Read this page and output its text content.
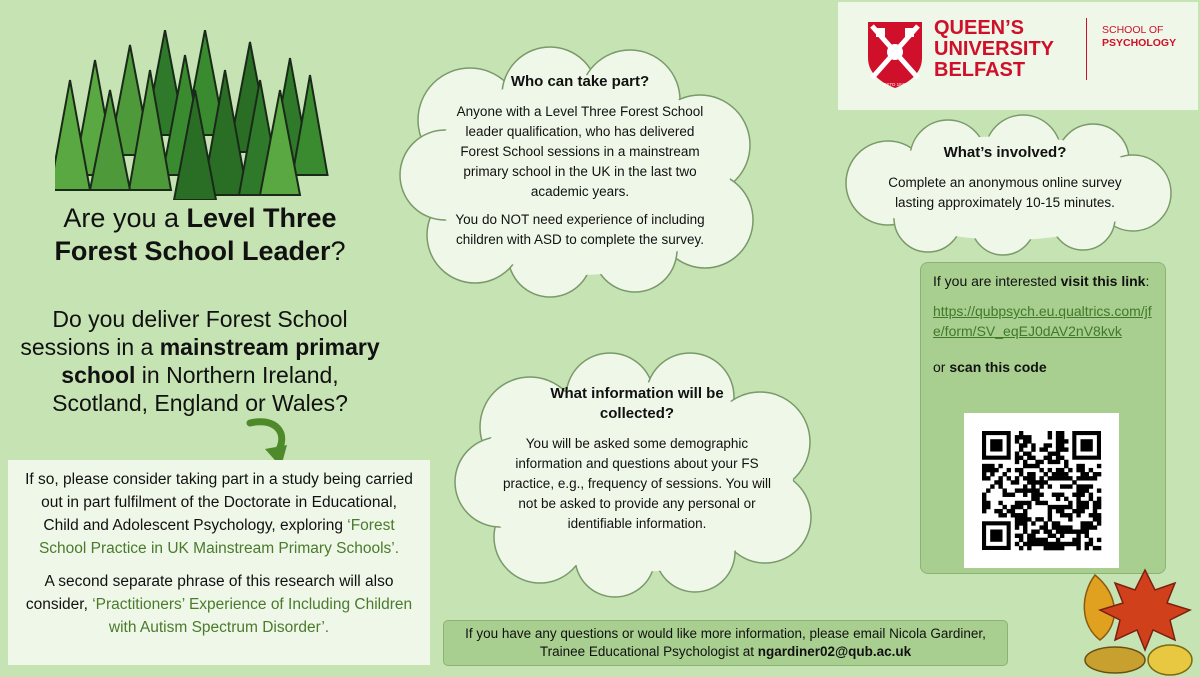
Are you a Level Three
Forest School Leader?
Do you deliver Forest School sessions in a mainstream primary school in Northern Ireland, Scotland, England or Wales?

If so, please consider taking part in a study being carried out in part fulfilment of the Doctorate in Educational, Child and Adolescent Psychology, exploring ‘Forest School Practice in UK Mainstream Primary Schools’.

A second separate phrase of this research will also consider, ‘Practitioners’ Experience of Including Children with Autism Spectrum Disorder’.

Who can take part?

Anyone with a Level Three Forest School leader qualification, who has delivered Forest School sessions in a mainstream primary school in the UK in the last two academic years.

You do NOT need experience of including children with ASD to complete the survey.

What’s involved?

Complete an anonymous online survey lasting approximately 10-15 minutes.

What information will be collected?

You will be asked some demographic information and questions about your FS practice, e.g., frequency of sessions. You will not be asked to provide any personal or identifiable information.

ESTD 1845
QUEEN’S
UNIVERSITY
BELFAST
SCHOOL OF
PSYCHOLOGY
If you are interested visit this link:
https://qubpsych.eu.qualtrics.com/jfe/form/SV_eqEJ0dAV2nV8kvk
or scan this code
If you have any questions or would like more information, please email Nicola Gardiner, Trainee Educational Psychologist at ngardiner02@qub.ac.uk
